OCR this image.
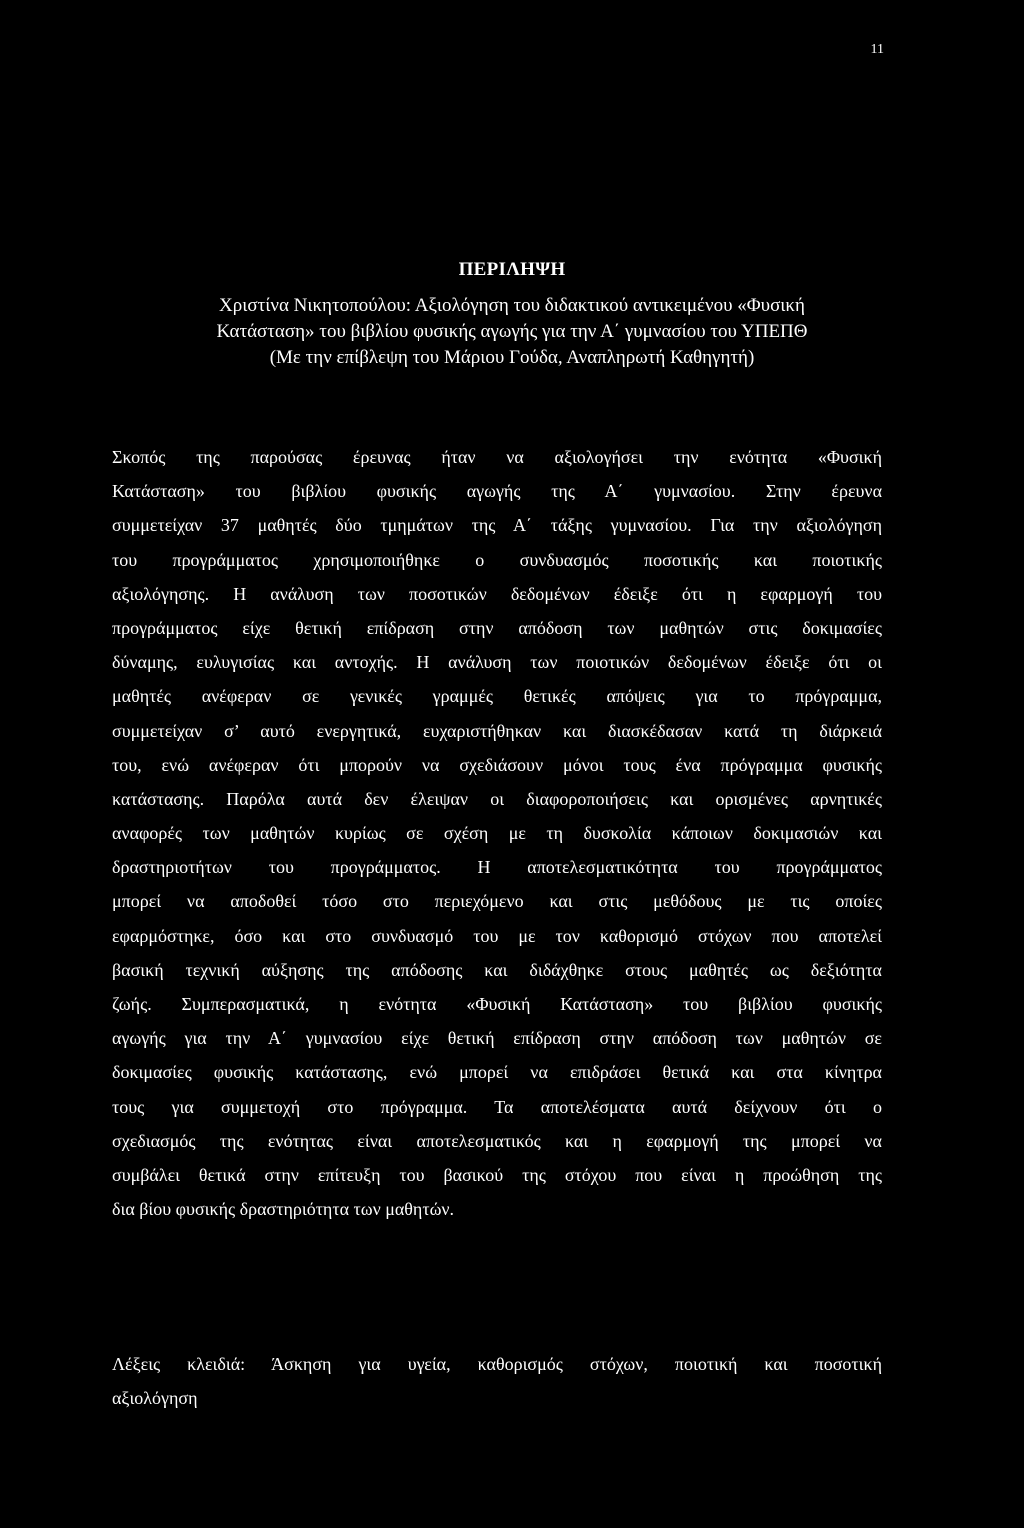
11
ΠΕΡΙΛΗΨΗ
Χριστίνα Νικητοπούλου: Αξιολόγηση του διδακτικού αντικειμένου «Φυσική
Κατάσταση» του βιβλίου φυσικής αγωγής για την Α΄ γυμνασίου του ΥΠΕΠΘ
(Με την επίβλεψη του Μάριου Γούδα, Αναπληρωτή Καθηγητή)
Σκοπός της παρούσας έρευνας ήταν να αξιολογήσει την ενότητα «Φυσική
Κατάσταση» του βιβλίου φυσικής αγωγής της Α΄ γυμνασίου. Στην έρευνα
συμμετείχαν 37 μαθητές δύο τμημάτων της Α΄ τάξης γυμνασίου. Για την αξιολόγηση
του προγράμματος χρησιμοποιήθηκε ο συνδυασμός ποσοτικής και ποιοτικής
αξιολόγησης. Η ανάλυση των ποσοτικών δεδομένων έδειξε ότι η εφαρμογή του
προγράμματος είχε θετική επίδραση στην απόδοση των μαθητών στις δοκιμασίες
δύναμης, ευλυγισίας και αντοχής. Η ανάλυση των ποιοτικών δεδομένων έδειξε ότι οι
μαθητές ανέφεραν σε γενικές γραμμές θετικές απόψεις για το πρόγραμμα,
συμμετείχαν σ’ αυτό ενεργητικά, ευχαριστήθηκαν και διασκέδασαν κατά τη διάρκειά
του, ενώ ανέφεραν ότι μπορούν να σχεδιάσουν μόνοι τους ένα πρόγραμμα φυσικής
κατάστασης. Παρόλα αυτά δεν έλειψαν οι διαφοροποιήσεις και ορισμένες αρνητικές
αναφορές των μαθητών κυρίως σε σχέση με τη δυσκολία κάποιων δοκιμασιών και
δραστηριοτήτων του προγράμματος. Η αποτελεσματικότητα του προγράμματος
μπορεί να αποδοθεί τόσο στο περιεχόμενο και στις μεθόδους με τις οποίες
εφαρμόστηκε, όσο και στο συνδυασμό του με τον καθορισμό στόχων που αποτελεί
βασική τεχνική αύξησης της απόδοσης και διδάχθηκε στους μαθητές ως δεξιότητα
ζωής. Συμπερασματικά, η ενότητα «Φυσική Κατάσταση» του βιβλίου φυσικής
αγωγής για την Α΄ γυμνασίου είχε θετική επίδραση στην απόδοση των μαθητών σε
δοκιμασίες φυσικής κατάστασης, ενώ μπορεί να επιδράσει θετικά και στα κίνητρα
τους για συμμετοχή στο πρόγραμμα. Τα αποτελέσματα αυτά δείχνουν ότι ο
σχεδιασμός της ενότητας είναι αποτελεσματικός και η εφαρμογή της μπορεί να
συμβάλει θετικά στην επίτευξη του βασικού της στόχου που είναι η προώθηση της
δια βίου φυσικής δραστηριότητα των μαθητών.
Λέξεις κλειδιά: Άσκηση για υγεία, καθορισμός στόχων, ποιοτική και ποσοτική
αξιολόγηση
